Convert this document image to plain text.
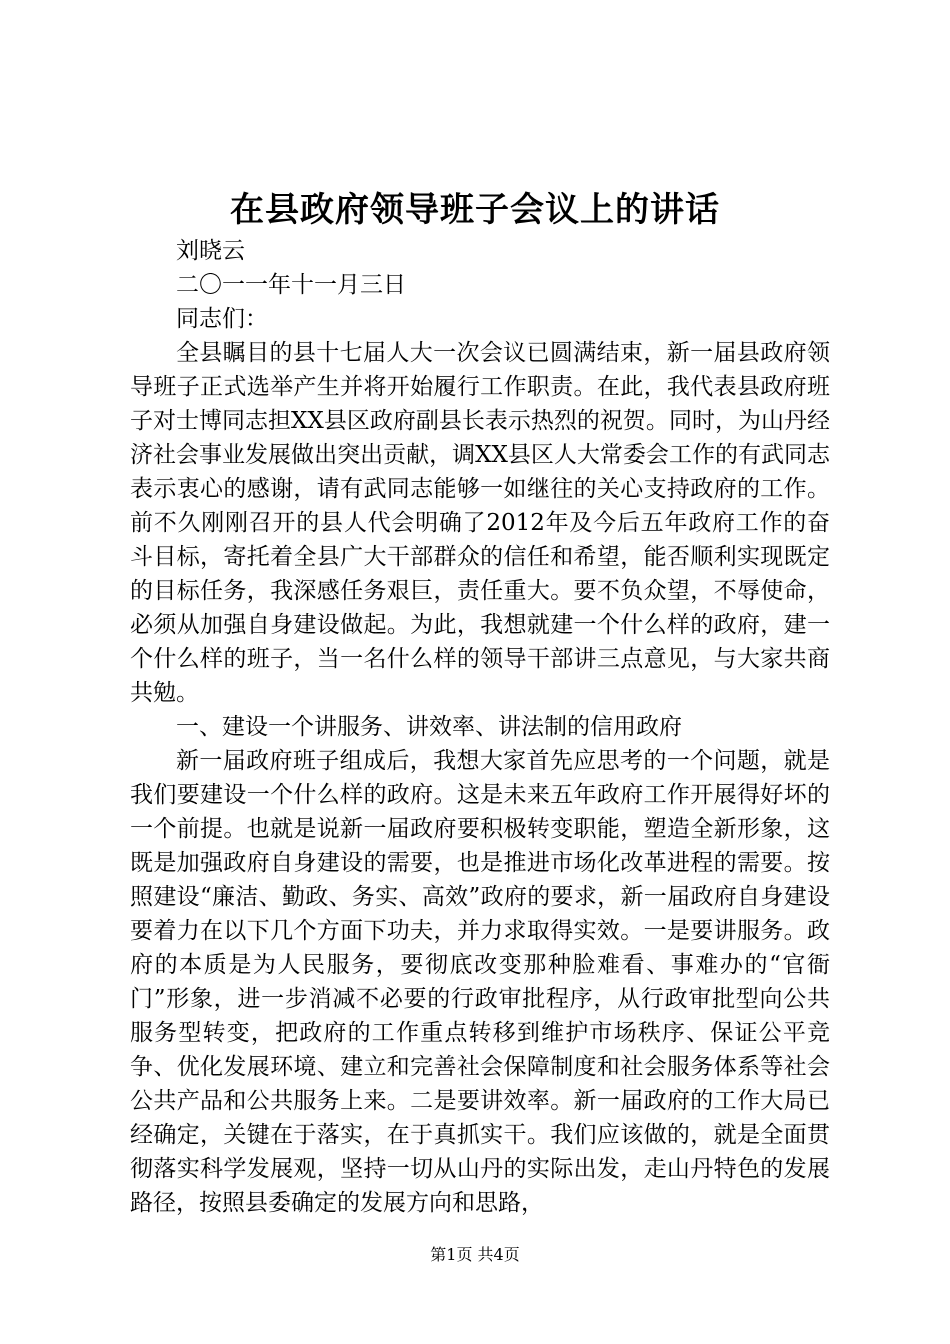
在县政府领导班子会议上的讲话

刘晓云

二〇一一年十一月三日

同志们：

全县瞩目的县十七届人大一次会议已圆满结束，新一届县政府领导班子正式选举产生并将开始履行工作职责。在此，我代表县政府班子对士博同志担XX县区政府副县长表示热烈的祝贺。同时，为山丹经济社会事业发展做出突出贡献，调XX县区人大常委会工作的有武同志表示衷心的感谢，请有武同志能够一如继往的关心支持政府的工作。前不久刚刚召开的县人代会明确了2012年及今后五年政府工作的奋斗目标，寄托着全县广大干部群众的信任和希望，能否顺利实现既定的目标任务，我深感任务艰巨，责任重大。要不负众望，不辱使命，必须从加强自身建设做起。为此，我想就建一个什么样的政府，建一个什么样的班子，当一名什么样的领导干部讲三点意见，与大家共商共勉。

一、建设一个讲服务、讲效率、讲法制的信用政府

新一届政府班子组成后，我想大家首先应思考的一个问题，就是我们要建设一个什么样的政府。这是未来五年政府工作开展得好坏的一个前提。也就是说新一届政府要积极转变职能，塑造全新形象，这既是加强政府自身建设的需要，也是推进市场化改革进程的需要。按照建设“廉洁、勤政、务实、高效”政府的要求，新一届政府自身建设要着力在以下几个方面下功夫，并力求取得实效。一是要讲服务。政府的本质是为人民服务，要彻底改变那种脸难看、事难办的“官衙门”形象，进一步消减不必要的行政审批程序，从行政审批型向公共服务型转变，把政府的工作重点转移到维护市场秩序、保证公平竞争、优化发展环境、建立和完善社会保障制度和社会服务体系等社会公共产品和公共服务上来。二是要讲效率。新一届政府的工作大局已经确定，关键在于落实，在于真抓实干。我们应该做的，就是全面贯彻落实科学发展观，坚持一切从山丹的实际出发，走山丹特色的发展路径，按照县委确定的发展方向和思路，

第1页 共4页
